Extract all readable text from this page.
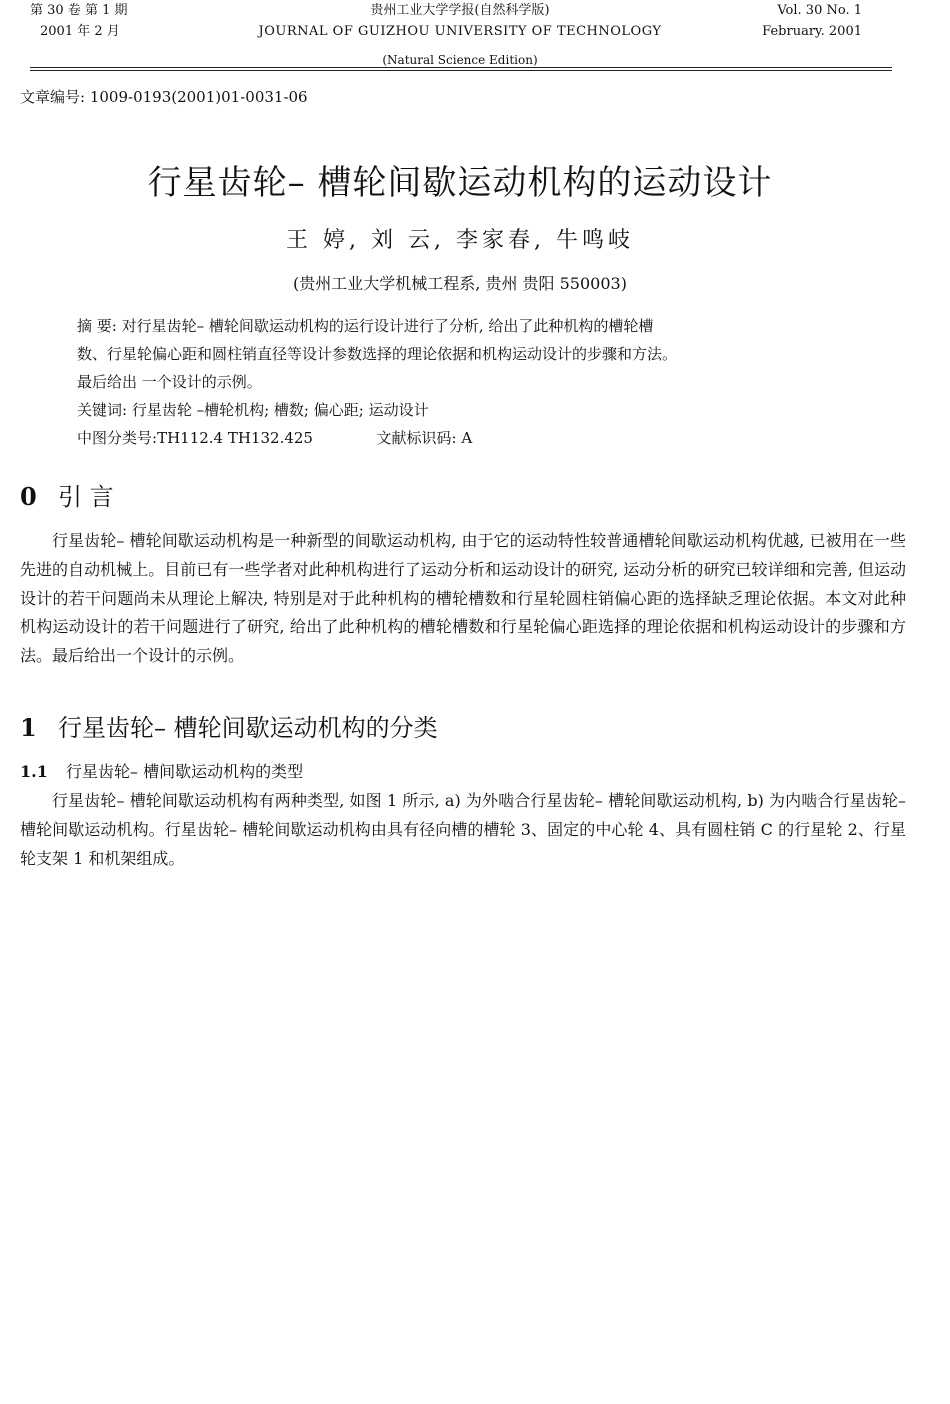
第 30 卷 第 1 期
2001 年 2 月
贵州工业大学学报(自然科学版)
JOURNAL OF GUIZHOU UNIVERSITY OF TECHNOLOGY
Vol. 30 No. 1
February. 2001
(Natural Science Edition)
文章编号: 1009-0193(2001)01-0031-06
行星齿轮– 槽轮间歇运动机构的运动设计
王 婷, 刘 云, 李家春, 牛鸣岐
(贵州工业大学机械工程系, 贵州 贵阳 550003)
摘 要: 对行星齿轮– 槽轮间歇运动机构的运行设计进行了分析, 给出了此种机构的槽轮槽
数、行星轮偏心距和圆柱销直径等设计参数选择的理论依据和机构运动设计的步骤和方法。
最后给出 一个设计的示例。
关键词: 行星齿轮 –槽轮机构; 槽数; 偏心距; 运动设计
中图分类号:TH112.4 TH132.425	文献标识码: A
0 引 言
行星齿轮– 槽轮间歇运动机构是一种新型的间歇运动机构, 由于它的运动特性较普通槽轮间歇运动机构优越, 已被用在一些先进的自动机械上。目前已有一些学者对此种机构进行了运动分析和运动设计的研究, 运动分析的研究已较详细和完善, 但运动设计的若干问题尚未从理论上解决, 特别是对于此种机构的槽轮槽数和行星轮圆柱销偏心距的选择缺乏理论依据。本文对此种机构运动设计的若干问题进行了研究, 给出了此种机构的槽轮槽数和行星轮偏心距选择的理论依据和机构运动设计的步骤和方法。最后给出一个设计的示例。
1 行星齿轮– 槽轮间歇运动机构的分类
1.1 行星齿轮– 槽间歇运动机构的类型
行星齿轮– 槽轮间歇运动机构有两种类型, 如图 1 所示, a) 为外啮合行星齿轮– 槽轮间歇运动机构, b) 为内啮合行星齿轮– 槽轮间歇运动机构。行星齿轮– 槽轮间歇运动机构由具有径向槽的槽轮 3、固定的中心轮 4、具有圆柱销 C 的行星轮 2、行星轮支架 1 和机架组成。
